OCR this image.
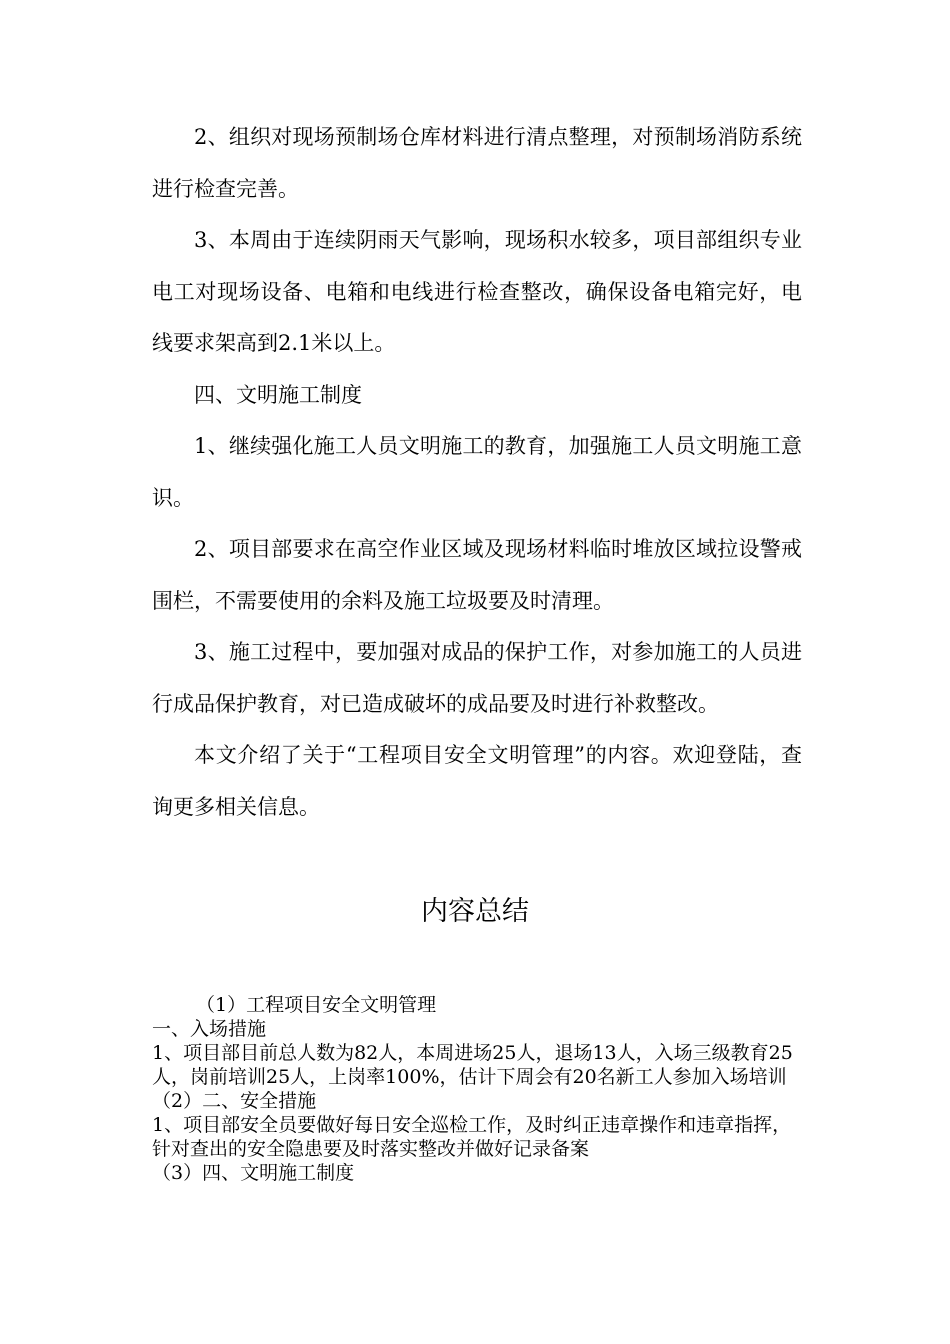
2、组织对现场预制场仓库材料进行清点整理，对预制场消防系统进行检查完善。

3、本周由于连续阴雨天气影响，现场积水较多，项目部组织专业电工对现场设备、电箱和电线进行检查整改，确保设备电箱完好，电线要求架高到2.1米以上。

四、文明施工制度

1、继续强化施工人员文明施工的教育，加强施工人员文明施工意识。

2、项目部要求在高空作业区域及现场材料临时堆放区域拉设警戒围栏，不需要使用的余料及施工垃圾要及时清理。

3、施工过程中，要加强对成品的保护工作，对参加施工的人员进行成品保护教育，对已造成破坏的成品要及时进行补救整改。

本文介绍了关于“工程项目安全文明管理”的内容。欢迎登陆，查询更多相关信息。

内容总结
（1）工程项目安全文明管理
一、入场措施
1、项目部目前总人数为82人，本周进场25人，退场13人，入场三级教育25人，岗前培训25人，上岗率100%，估计下周会有20名新工人参加入场培训
（2）二、安全措施
1、项目部安全员要做好每日安全巡检工作，及时纠正违章操作和违章指挥，针对查出的安全隐患要及时落实整改并做好记录备案
（3）四、文明施工制度
